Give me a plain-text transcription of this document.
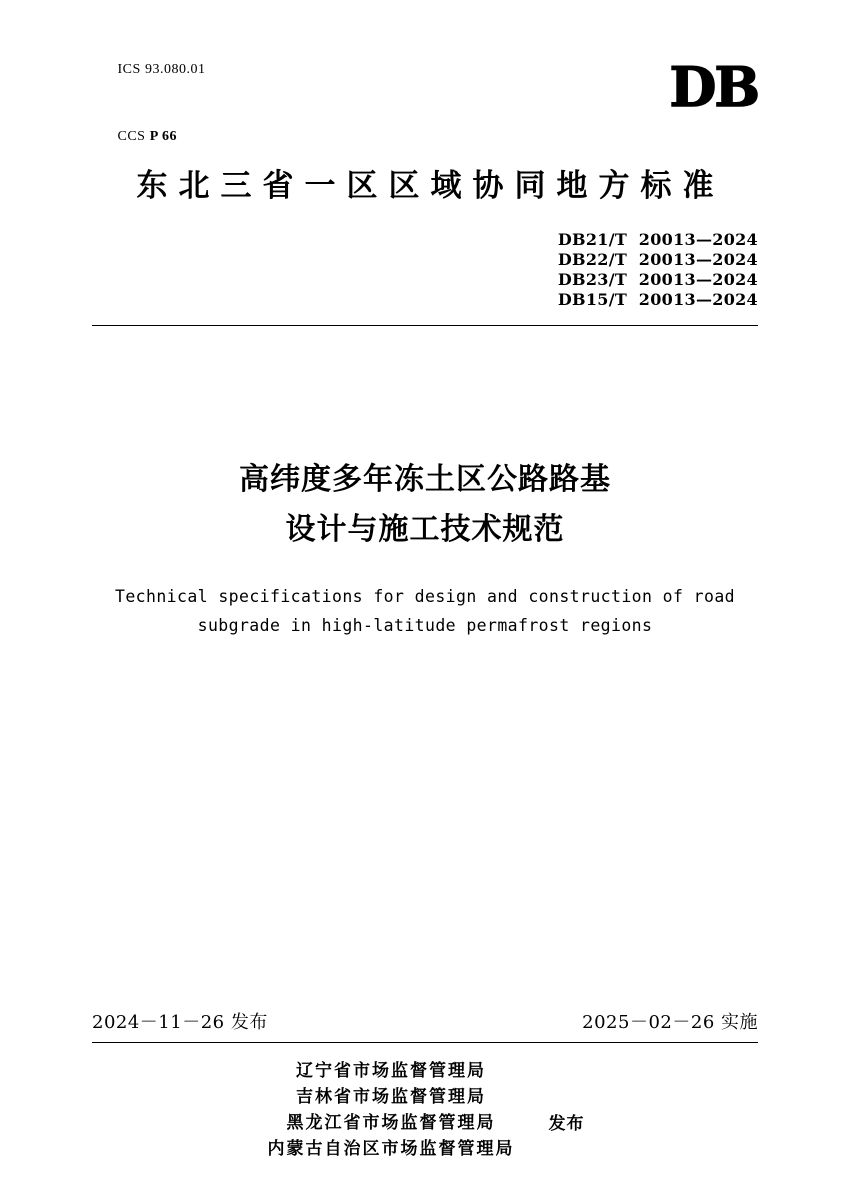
ICS 93.080.01

CCS P 66

DB
东北三省一区区域协同地方标准
DB21/T  20013—2024
DB22/T  20013—2024
DB23/T  20013—2024
DB15/T  20013—2024
高纬度多年冻土区公路路基
设计与施工技术规范
Technical specifications for design and construction of road
subgrade in high-latitude permafrost regions
2024－11－26 发布	2025－02－26 实施
辽宁省市场监督管理局
吉林省市场监督管理局
黑龙江省市场监督管理局
内蒙古自治区市场监督管理局
发布
